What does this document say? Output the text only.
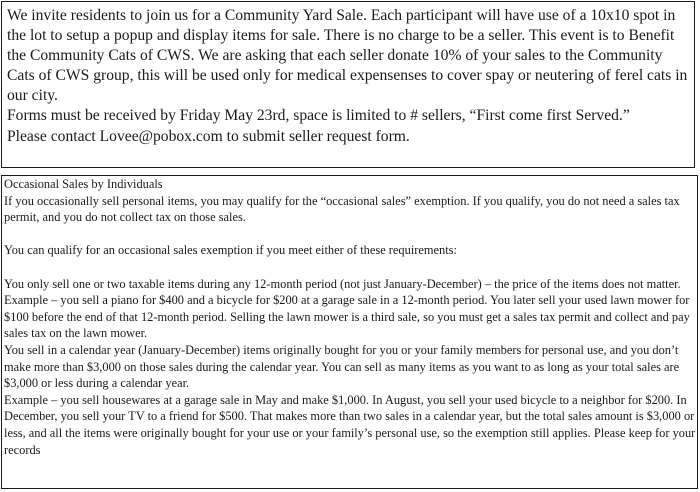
We invite residents to join us for a Community Yard Sale. Each participant will have use of a 10x10 spot in the lot to setup a popup and display items for sale. There is no charge to be a seller. This event is to Benefit the Community Cats of CWS. We are asking that each seller donate 10% of your sales to the Community Cats of CWS group, this will be used only for medical expensenses to cover spay or neutering of ferel cats in our city.

Forms must be received by Friday May 23rd, space is limited to # sellers, “First come first Served.”

Please contact Lovee@pobox.com to submit seller request form.

Occasional Sales by Individuals

If you occasionally sell personal items, you may qualify for the “occasional sales” exemption. If you qualify, you do not need a sales tax permit, and you do not collect tax on those sales.

You can qualify for an occasional sales exemption if you meet either of these requirements:

You only sell one or two taxable items during any 12-month period (not just January-December) – the price of the items does not matter.

Example – you sell a piano for $400 and a bicycle for $200 at a garage sale in a 12-month period. You later sell your used lawn mower for $100 before the end of that 12-month period. Selling the lawn mower is a third sale, so you must get a sales tax permit and collect and pay sales tax on the lawn mower.

You sell in a calendar year (January-December) items originally bought for you or your family members for personal use, and you don’t make more than $3,000 on those sales during the calendar year. You can sell as many items as you want to as long as your total sales are $3,000 or less during a calendar year.

Example – you sell housewares at a garage sale in May and make $1,000. In August, you sell your used bicycle to a neighbor for $200. In December, you sell your TV to a friend for $500. That makes more than two sales in a calendar year, but the total sales amount is $3,000 or less, and all the items were originally bought for your use or your family’s personal use, so the exemption still applies. Please keep for your records
